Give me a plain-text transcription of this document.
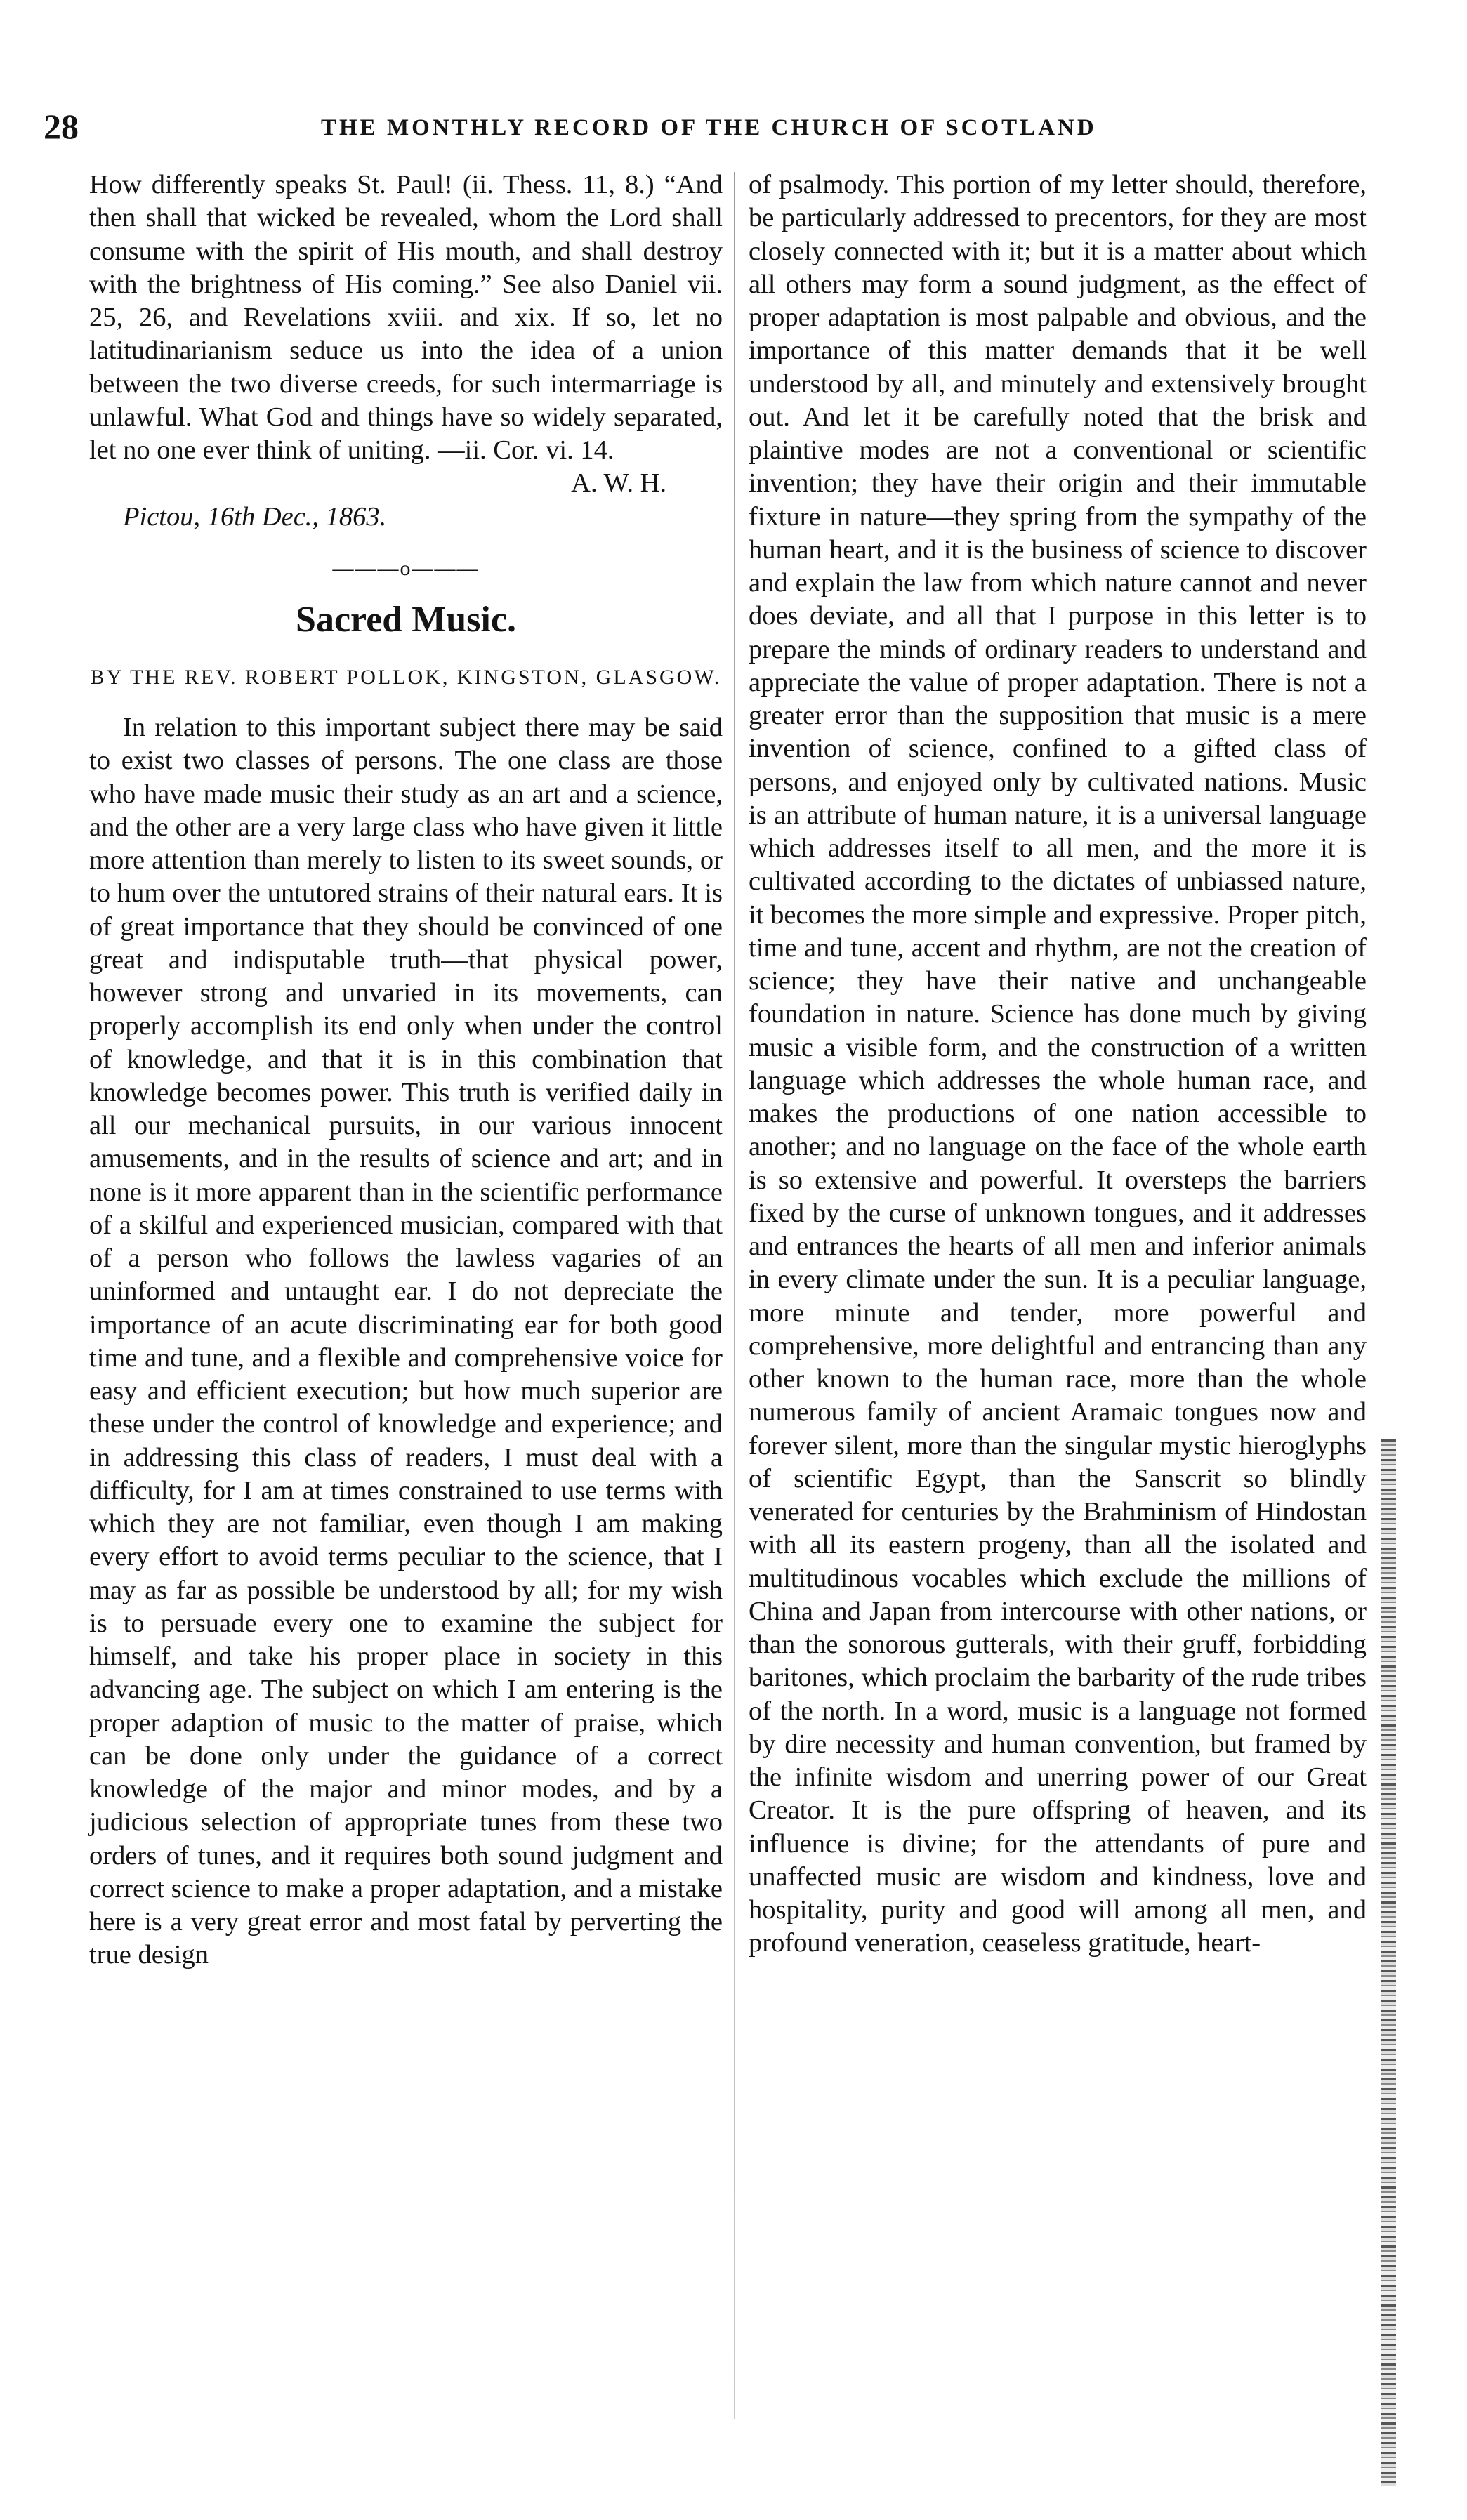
28	THE MONTHLY RECORD OF THE CHURCH OF SCOTLAND

How differently speaks St. Paul! (ii. Thess. 11, 8.) “And then shall that wicked be revealed, whom the Lord shall consume with the spirit of His mouth, and shall destroy with the brightness of His coming.” See also Daniel vii. 25, 26, and Revelations xviii. and xix. If so, let no latitudinarianism seduce us into the idea of a union between the two diverse creeds, for such intermarriage is unlawful. What God and things have so widely separated, let no one ever think of uniting. —ii. Cor. vi. 14.

A. W. H.

Pictou, 16th Dec., 1863.

———o———
Sacred Music.
BY THE REV. ROBERT POLLOK, KINGSTON, GLASGOW.

In relation to this important subject there may be said to exist two classes of persons. The one class are those who have made music their study as an art and a science, and the other are a very large class who have given it little more attention than merely to listen to its sweet sounds, or to hum over the untutored strains of their natural ears. It is of great importance that they should be convinced of one great and indisputable truth—that physical power, however strong and unvaried in its movements, can properly accomplish its end only when under the control of knowledge, and that it is in this combination that knowledge becomes power. This truth is verified daily in all our mechanical pursuits, in our various innocent amusements, and in the results of science and art; and in none is it more apparent than in the scientific performance of a skilful and experienced musician, compared with that of a person who follows the lawless vagaries of an uninformed and untaught ear. I do not depreciate the importance of an acute discriminating ear for both good time and tune, and a flexible and comprehensive voice for easy and efficient execution; but how much superior are these under the control of knowledge and experience; and in addressing this class of readers, I must deal with a difficulty, for I am at times constrained to use terms with which they are not familiar, even though I am making every effort to avoid terms peculiar to the science, that I may as far as possible be understood by all; for my wish is to persuade every one to examine the subject for himself, and take his proper place in society in this advancing age. The subject on which I am entering is the proper adaption of music to the matter of praise, which can be done only under the guidance of a correct knowledge of the major and minor modes, and by a judicious selection of appropriate tunes from these two orders of tunes, and it requires both sound judgment and correct science to make a proper adaptation, and a mistake here is a very great error and most fatal by perverting the true design

of psalmody. This portion of my letter should, therefore, be particularly addressed to precentors, for they are most closely connected with it; but it is a matter about which all others may form a sound judgment, as the effect of proper adaptation is most palpable and obvious, and the importance of this matter demands that it be well understood by all, and minutely and extensively brought out. And let it be carefully noted that the brisk and plaintive modes are not a conventional or scientific invention; they have their origin and their immutable fixture in nature—they spring from the sympathy of the human heart, and it is the business of science to discover and explain the law from which nature cannot and never does deviate, and all that I purpose in this letter is to prepare the minds of ordinary readers to understand and appreciate the value of proper adaptation. There is not a greater error than the supposition that music is a mere invention of science, confined to a gifted class of persons, and enjoyed only by cultivated nations. Music is an attribute of human nature, it is a universal language which addresses itself to all men, and the more it is cultivated according to the dictates of unbiassed nature, it becomes the more simple and expressive. Proper pitch, time and tune, accent and rhythm, are not the creation of science; they have their native and unchangeable foundation in nature. Science has done much by giving music a visible form, and the construction of a written language which addresses the whole human race, and makes the productions of one nation accessible to another; and no language on the face of the whole earth is so extensive and powerful. It oversteps the barriers fixed by the curse of unknown tongues, and it addresses and entrances the hearts of all men and inferior animals in every climate under the sun. It is a peculiar language, more minute and tender, more powerful and comprehensive, more delightful and entrancing than any other known to the human race, more than the whole numerous family of ancient Aramaic tongues now and forever silent, more than the singular mystic hieroglyphs of scientific Egypt, than the Sanscrit so blindly venerated for centuries by the Brahminism of Hindostan with all its eastern progeny, than all the isolated and multitudinous vocables which exclude the millions of China and Japan from intercourse with other nations, or than the sonorous gutterals, with their gruff, forbidding baritones, which proclaim the barbarity of the rude tribes of the north. In a word, music is a language not formed by dire necessity and human convention, but framed by the infinite wisdom and unerring power of our Great Creator. It is the pure offspring of heaven, and its influence is divine; for the attendants of pure and unaffected music are wisdom and kindness, love and hospitality, purity and good will among all men, and profound veneration, ceaseless gratitude, heart-
